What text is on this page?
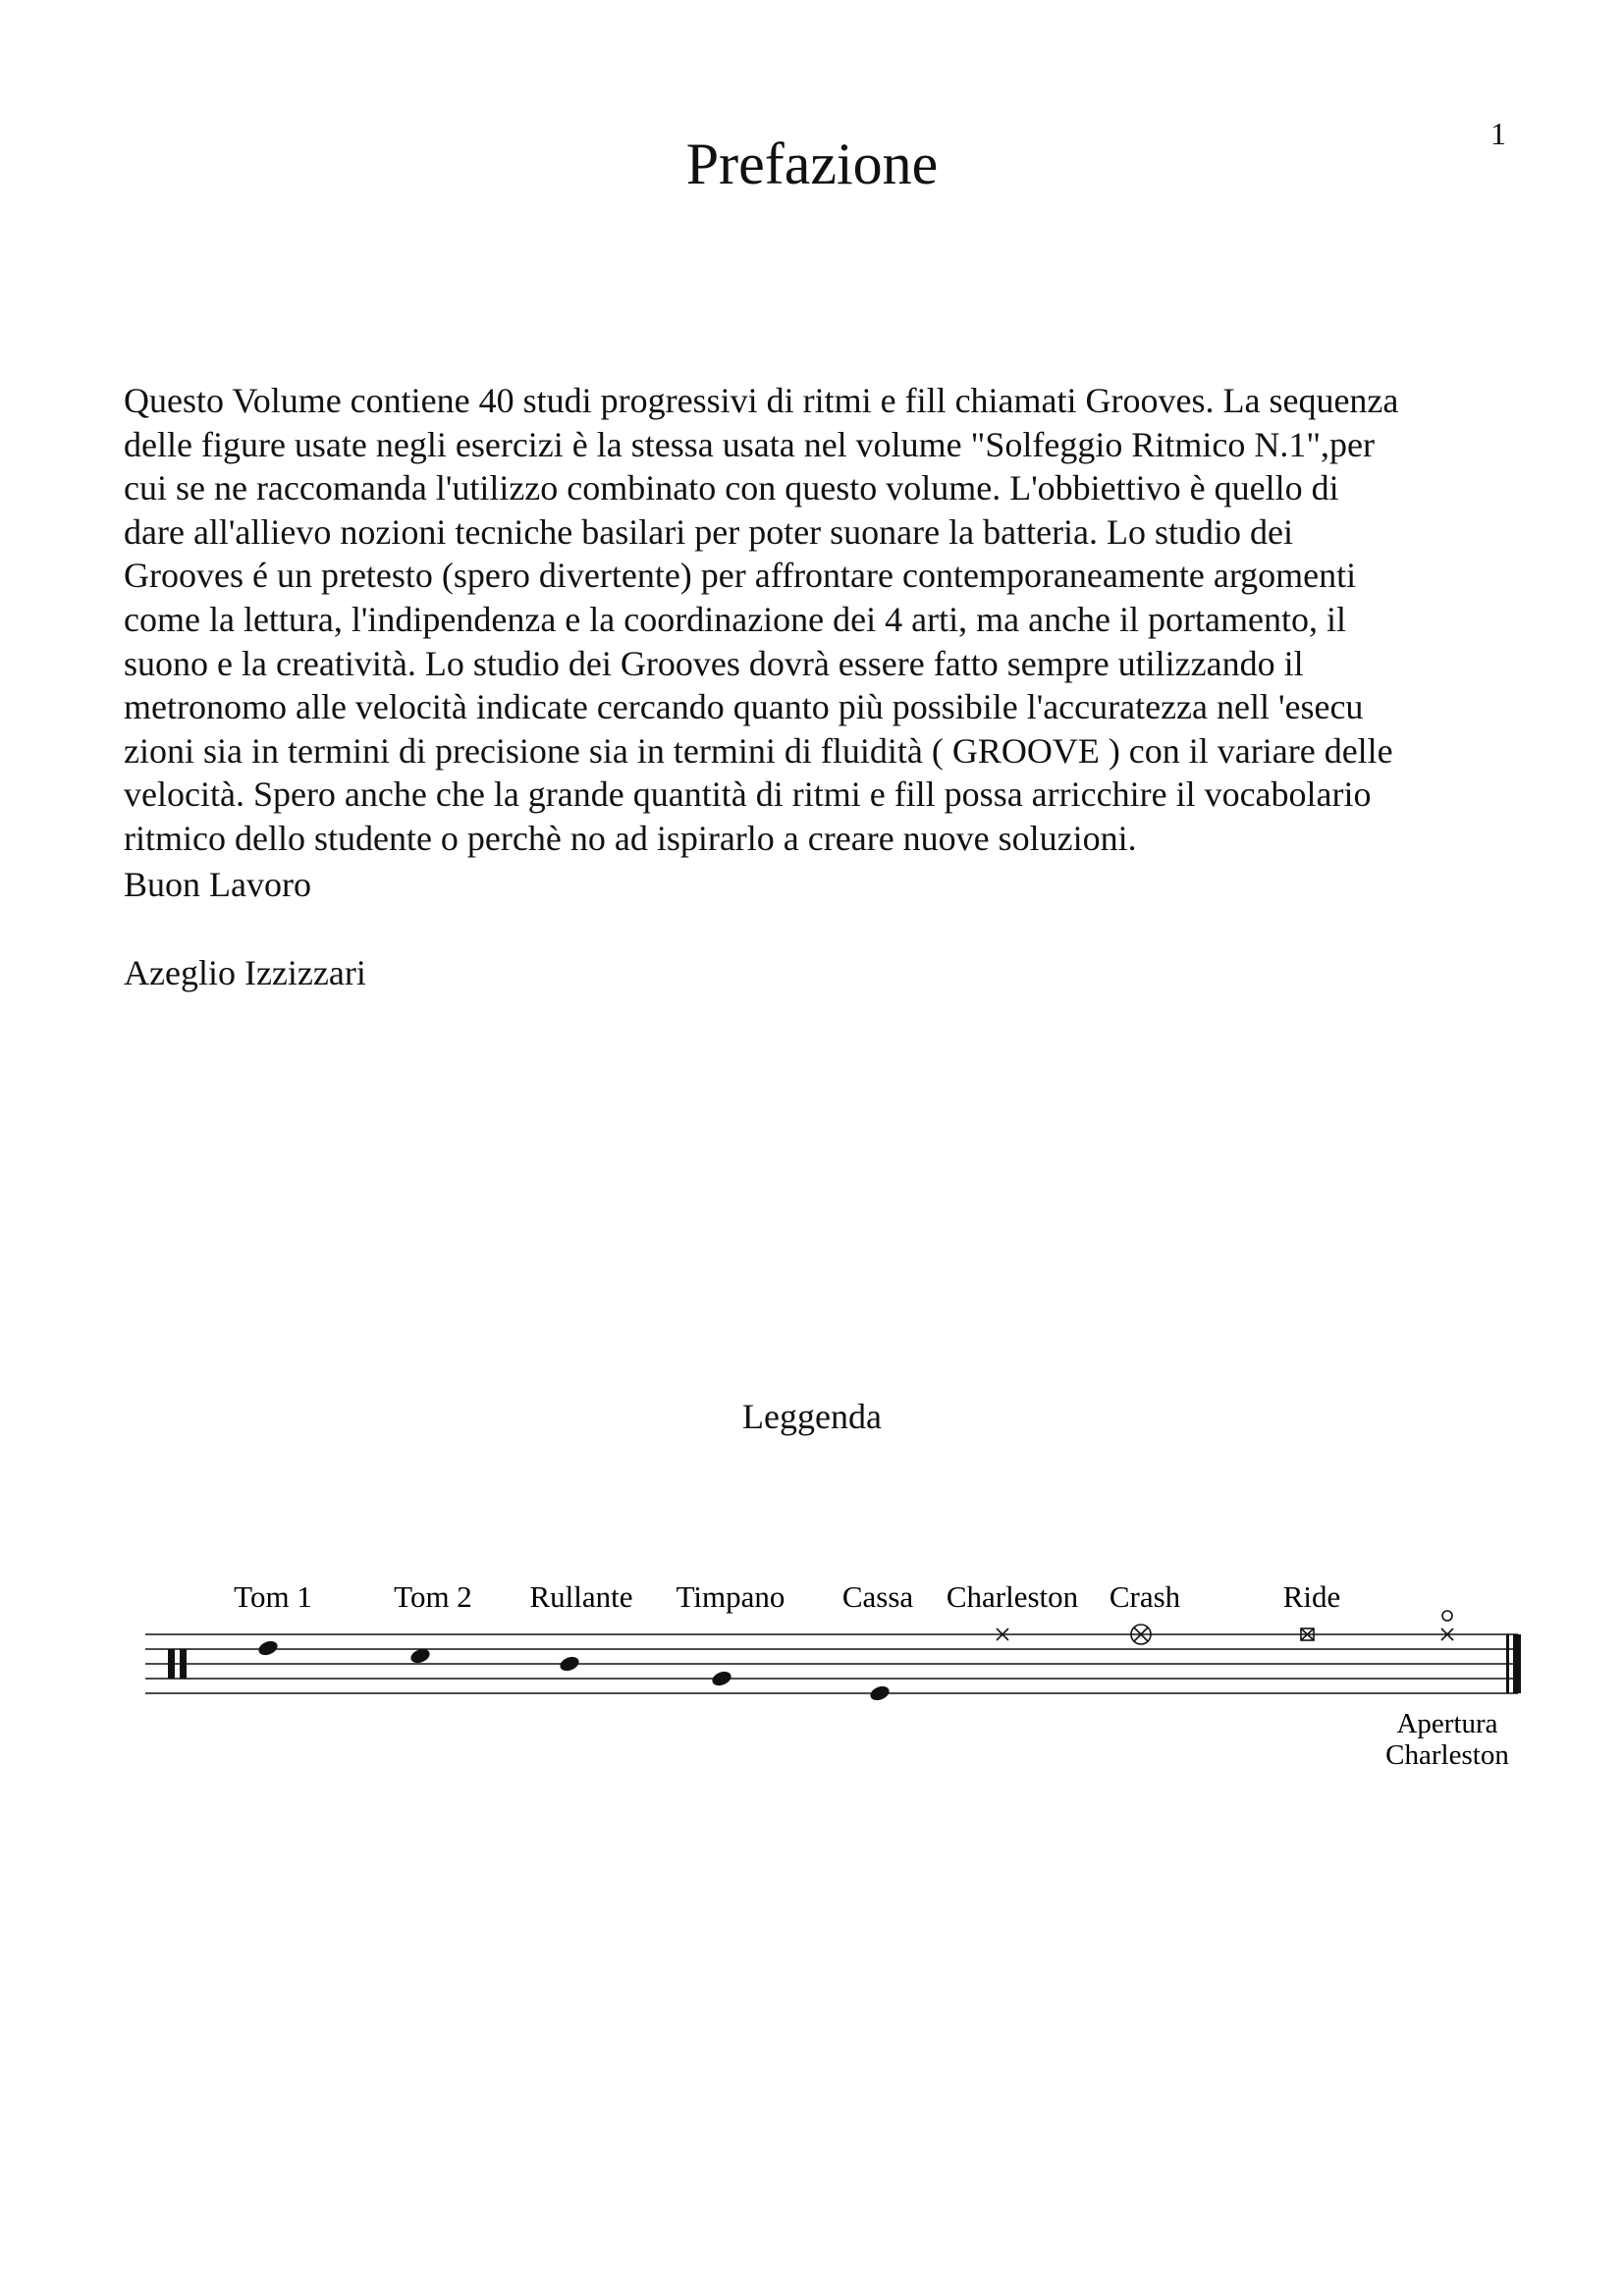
1
Prefazione
Questo Volume contiene 40 studi progressivi di ritmi e fill chiamati Grooves. La sequenza
delle figure usate negli esercizi è la stessa usata nel volume "Solfeggio Ritmico N.1",per
cui se ne raccomanda l'utilizzo combinato con questo volume. L'obbiettivo è quello di
dare all'allievo nozioni tecniche basilari per poter suonare la batteria. Lo studio dei
Grooves é un pretesto (spero divertente) per affrontare contemporaneamente argomenti
come la lettura, l'indipendenza e la coordinazione dei 4 arti, ma anche il portamento, il
suono e la creatività. Lo studio dei Grooves dovrà essere fatto sempre utilizzando il
metronomo alle velocità indicate cercando quanto più possibile l'accuratezza nell 'esecu
zioni sia in termini di precisione sia in termini di fluidità ( GROOVE ) con il variare delle
velocità. Spero anche che la grande quantità di ritmi e fill possa arricchire il vocabolario
ritmico dello studente o perchè no ad ispirarlo a creare nuove soluzioni.
Buon Lavoro
Azeglio Izzizzari
Leggenda
Tom 1	Tom 2 Rullante Timpano Cassa Charleston Crash	Ride
Apertura
Charleston
